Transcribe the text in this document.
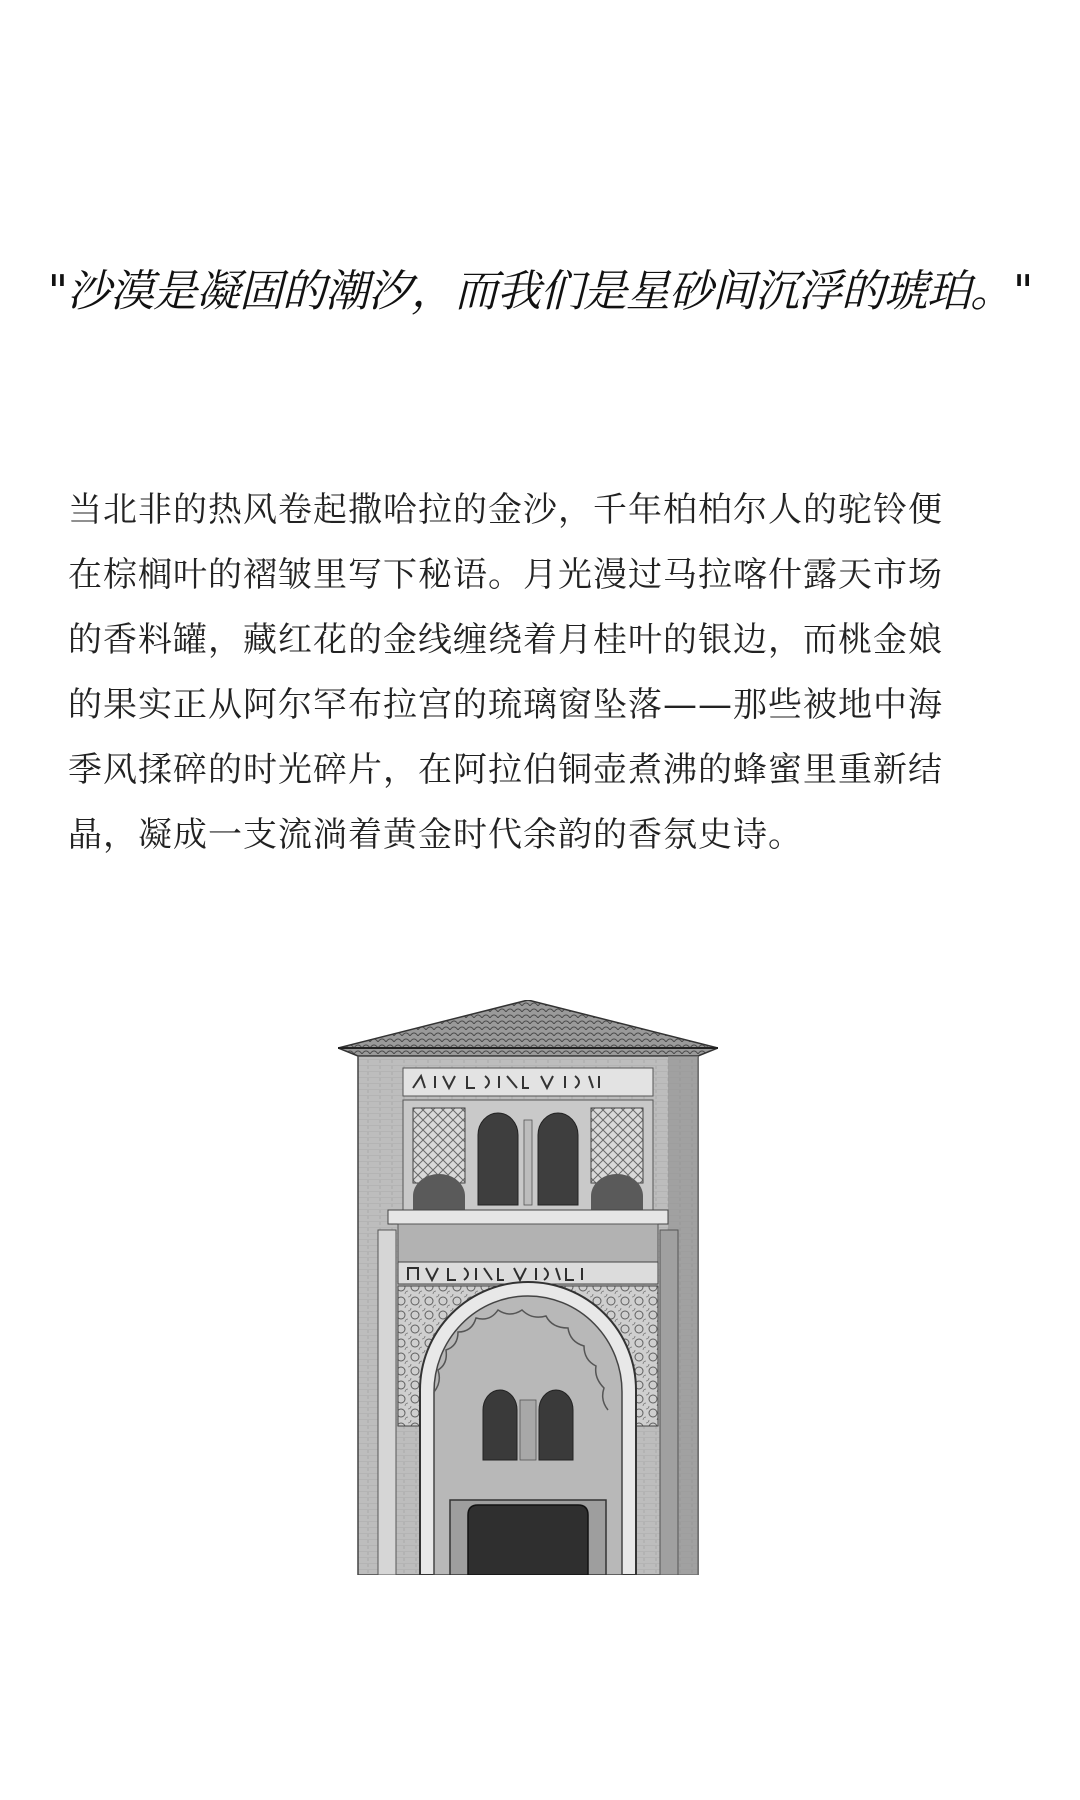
"沙漠是凝固的潮汐，而我们是星砂间沉浮的琥珀。"
当北非的热风卷起撒哈拉的金沙，千年柏柏尔人的驼铃便
在棕榈叶的褶皱里写下秘语。月光漫过马拉喀什露天市场
的香料罐，藏红花的金线缠绕着月桂叶的银边，而桃金娘
的果实正从阿尔罕布拉宫的琉璃窗坠落——那些被地中海
季风揉碎的时光碎片，在阿拉伯铜壶煮沸的蜂蜜里重新结
晶，凝成一支流淌着黄金时代余韵的香氛史诗。
